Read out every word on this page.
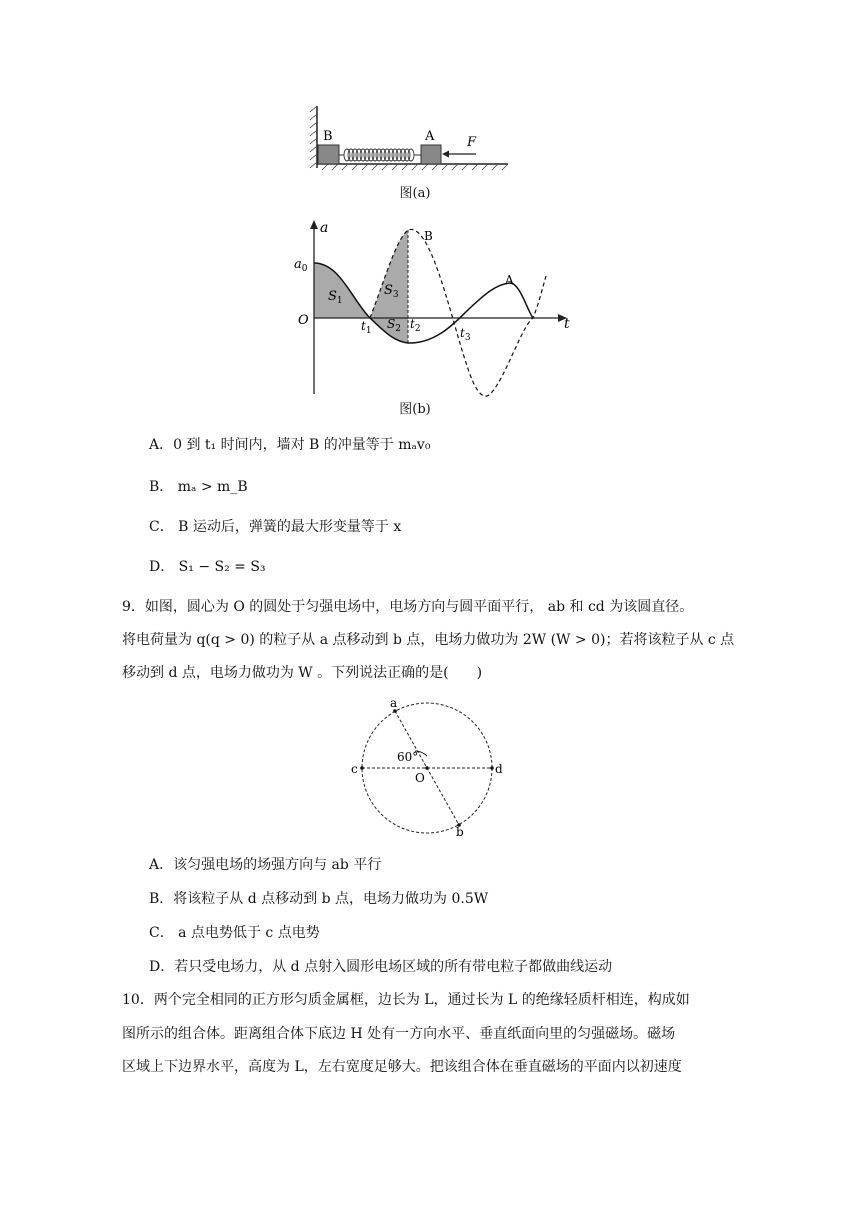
B	A	F
图(a)
a
t
O
$a_0$
$S_1$
$S_3$
$S_2$
$t_1$	$t_2$	$t_3$
A
B
图(b)
A．0 到 t₁ 时间内，墙对 B 的冲量等于 mₐv₀
B． mₐ > m_B
C． B 运动后，弹簧的最大形变量等于 x
D． S₁ − S₂ = S₃
9．如图，圆心为 O 的圆处于匀强电场中，电场方向与圆平面平行， ab 和 cd 为该圆直径。
将电荷量为 q(q > 0) 的粒子从 a 点移动到 b 点，电场力做功为 2W (W > 0)；若将该粒子从 c 点
移动到 d 点，电场力做功为 W 。下列说法正确的是(　　)
a
b
c	d
O
60°
A．该匀强电场的场强方向与 ab 平行
B．将该粒子从 d 点移动到 b 点，电场力做功为 0.5W
C． a 点电势低于 c 点电势
D．若只受电场力，从 d 点射入圆形电场区域的所有带电粒子都做曲线运动
10．两个完全相同的正方形匀质金属框，边长为 L，通过长为 L 的绝缘轻质杆相连，构成如
图所示的组合体。距离组合体下底边 H 处有一方向水平、垂直纸面向里的匀强磁场。磁场
区域上下边界水平，高度为 L，左右宽度足够大。把该组合体在垂直磁场的平面内以初速度
